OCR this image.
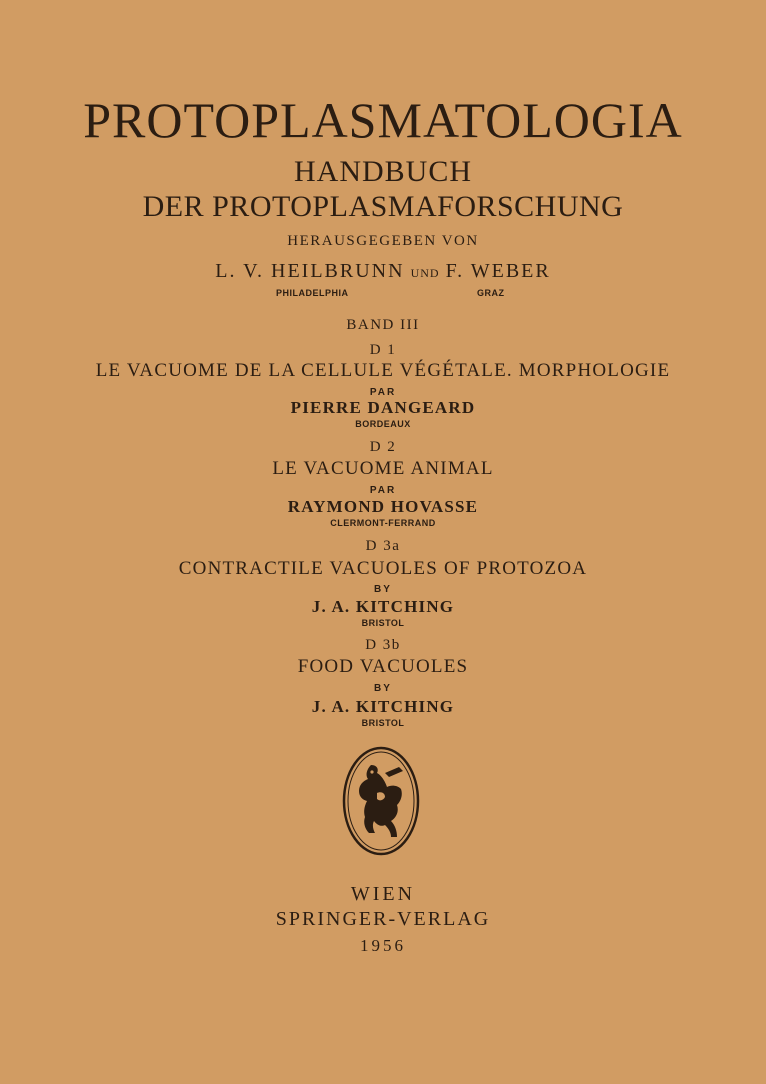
PROTOPLASMATOLOGIA
HANDBUCH
DER PROTOPLASMAFORSCHUNG
HERAUSGEGEBEN VON
L. V. HEILBRUNN UND F. WEBER
PHILADELPHIA	GRAZ
BAND III
D 1
LE VACUOME DE LA CELLULE VÉGÉTALE. MORPHOLOGIE
PAR
PIERRE DANGEARD
BORDEAUX
D 2
LE VACUOME ANIMAL
PAR
RAYMOND HOVASSE
CLERMONT-FERRAND
D 3a
CONTRACTILE VACUOLES OF PROTOZOA
BY
J. A. KITCHING
BRISTOL
D 3b
FOOD VACUOLES
BY
J. A. KITCHING
BRISTOL
WIEN
SPRINGER-VERLAG
1956
